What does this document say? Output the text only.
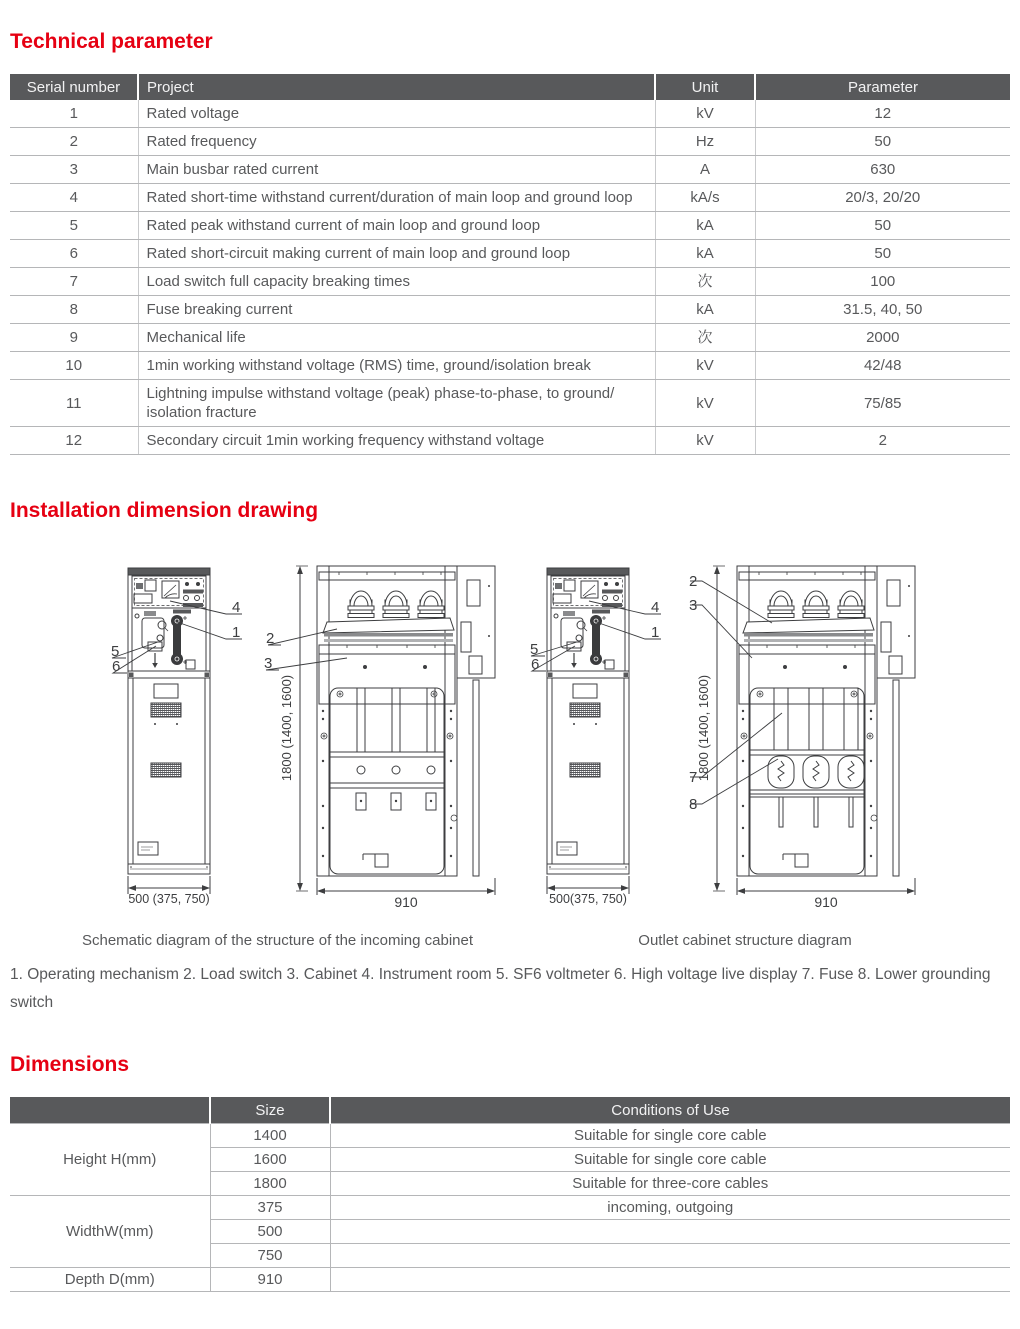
Technical parameter
Serial number	Project	Unit	Parameter
1	Rated voltage	kV	12
2	Rated frequency	Hz	50
3	Main busbar rated current	A	630
4	Rated short-time withstand current/duration of main loop and ground loop	kA/s	20/3, 20/20
5	Rated peak withstand current of main loop and ground loop	kA	50
6	Rated short-circuit making current of main loop and ground loop	kA	50
7	Load switch full capacity breaking times	次	100
8	Fuse breaking current	kA	31.5, 40, 50
9	Mechanical life	次	2000
10	1min working withstand voltage (RMS) time, ground/isolation break	kV	42/48
11	Lightning impulse withstand voltage (peak) phase-to-phase, to ground/ isolation fracture	kV	75/85
12	Secondary circuit 1min working frequency withstand voltage	kV	2
Installation dimension drawing
500 (375, 750)
4
1
5
6
1800 (1400, 1600)
910
2
3
500(375, 750)
4
1
5
6
1800 (1400, 1600)
910
2
3
7
8
Schematic diagram of the structure of the incoming cabinet	Outlet cabinet structure diagram
1. Operating mechanism 2. Load switch 3. Cabinet 4. Instrument room 5. SF6 voltmeter 6. High voltage live display 7. Fuse 8. Lower grounding switch
Dimensions
	Size	Conditions of Use
Height H(mm)	1400	Suitable for single core cable
	1600	Suitable for single core cable
	1800	Suitable for three-core cables
WidthW(mm)	375	incoming, outgoing
	500	
	750	
Depth D(mm)	910	
